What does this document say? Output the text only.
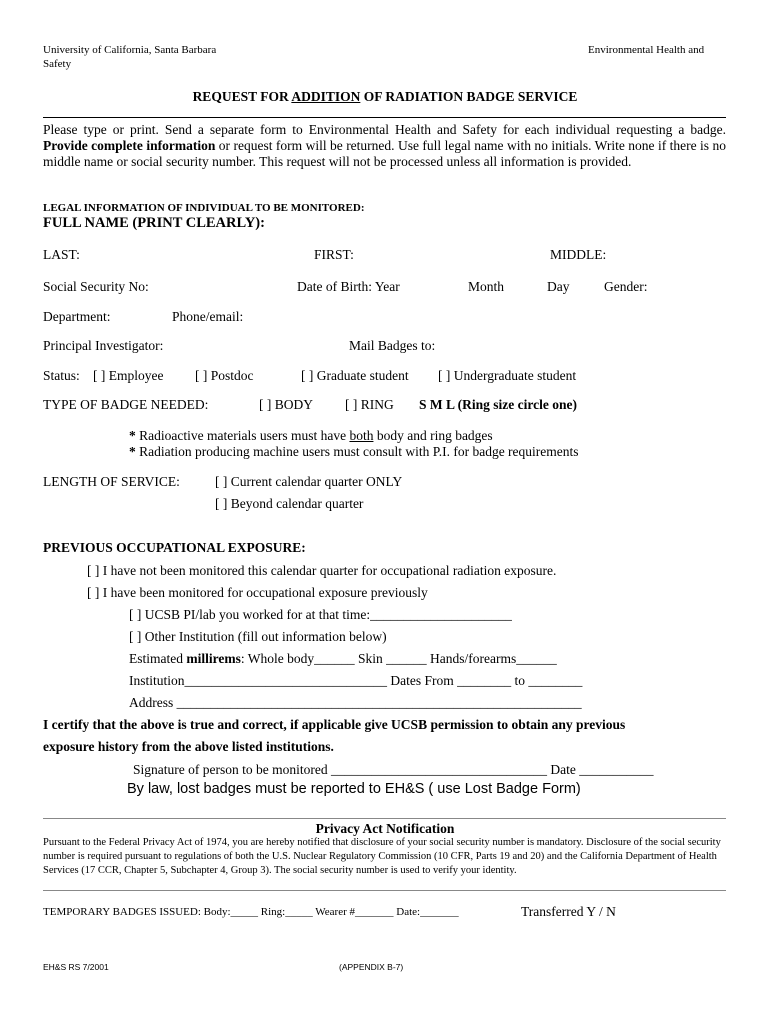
University of California, Santa Barbara
Safety
Environmental Health and
REQUEST FOR ADDITION OF RADIATION BADGE SERVICE
Please type or print. Send a separate form to Environmental Health and Safety for each individual requesting a badge. Provide complete information or request form will be returned. Use full legal name with no initials. Write none if there is no middle name or social security number. This request will not be processed unless all information is provided.
LEGAL INFORMATION OF INDIVIDUAL TO BE MONITORED:
FULL NAME (PRINT CLEARLY):
LAST:	FIRST:	MIDDLE:
Social Security No:	Date of Birth: Year	Month	Day	Gender:
Department:	Phone/email:
Principal Investigator:	Mail Badges to:
Status: [ ] Employee [ ] Postdoc	[ ] Graduate student [ ] Undergraduate student
TYPE OF BADGE NEEDED:	[ ] BODY [ ] RING S M L (Ring size circle one)
* Radioactive materials users must have both body and ring badges
* Radiation producing machine users must consult with P.I. for badge requirements
LENGTH OF SERVICE:	[ ] Current calendar quarter ONLY
[ ] Beyond calendar quarter
PREVIOUS OCCUPATIONAL EXPOSURE:
[ ] I have not been monitored this calendar quarter for occupational radiation exposure.
[ ] I have been monitored for occupational exposure previously
[ ] UCSB PI/lab you worked for at that time:_____________________
[ ] Other Institution (fill out information below)
Estimated millirems: Whole body______ Skin ______ Hands/forearms______
Institution______________________________ Dates From ________ to ________
Address ____________________________________________________________
I certify that the above is true and correct, if applicable give UCSB permission to obtain any previous
exposure history from the above listed institutions.
Signature of person to be monitored ________________________________ Date ___________
By law, lost badges must be reported to EH&S ( use Lost Badge Form)
Privacy Act Notification
Pursuant to the Federal Privacy Act of 1974, you are hereby notified that disclosure of your social security number is mandatory. Disclosure of the social security number is required pursuant to regulations of both the U.S. Nuclear Regulatory Commission (10 CFR, Parts 19 and 20) and the California Department of Health Services (17 CCR, Chapter 5, Subchapter 4, Group 3). The social security number is used to verify your identity.
TEMPORARY BADGES ISSUED: Body:_____ Ring:_____ Wearer #_______ Date:_______	Transferred Y / N
EH&S RS 7/2001	(APPENDIX B-7)
